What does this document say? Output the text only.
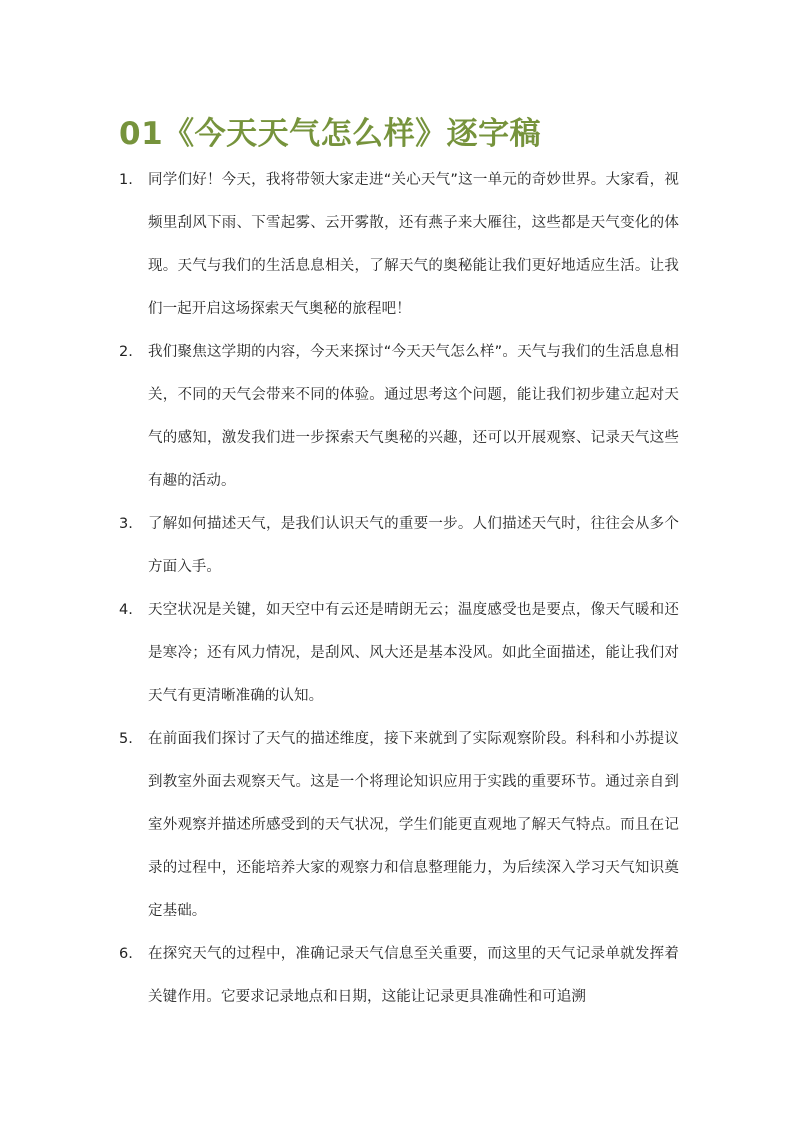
01《今天天气怎么样》逐字稿
1.	同学们好！今天，我将带领大家走进“关心天气”这一单元的奇妙世界。大家看，视频里刮风下雨、下雪起雾、云开雾散，还有燕子来大雁往，这些都是天气变化的体现。天气与我们的生活息息相关，了解天气的奥秘能让我们更好地适应生活。让我们一起开启这场探索天气奥秘的旅程吧！
2.	我们聚焦这学期的内容，今天来探讨“今天天气怎么样”。天气与我们的生活息息相关，不同的天气会带来不同的体验。通过思考这个问题，能让我们初步建立起对天气的感知，激发我们进一步探索天气奥秘的兴趣，还可以开展观察、记录天气这些有趣的活动。
3.	了解如何描述天气，是我们认识天气的重要一步。人们描述天气时，往往会从多个方面入手。
4.	天空状况是关键，如天空中有云还是晴朗无云；温度感受也是要点，像天气暖和还是寒冷；还有风力情况，是刮风、风大还是基本没风。如此全面描述，能让我们对天气有更清晰准确的认知。
5.	在前面我们探讨了天气的描述维度，接下来就到了实际观察阶段。科科和小苏提议到教室外面去观察天气。这是一个将理论知识应用于实践的重要环节。通过亲自到室外观察并描述所感受到的天气状况，学生们能更直观地了解天气特点。而且在记录的过程中，还能培养大家的观察力和信息整理能力，为后续深入学习天气知识奠定基础。
6.	在探究天气的过程中，准确记录天气信息至关重要，而这里的天气记录单就发挥着关键作用。它要求记录地点和日期，这能让记录更具准确性和可追溯
